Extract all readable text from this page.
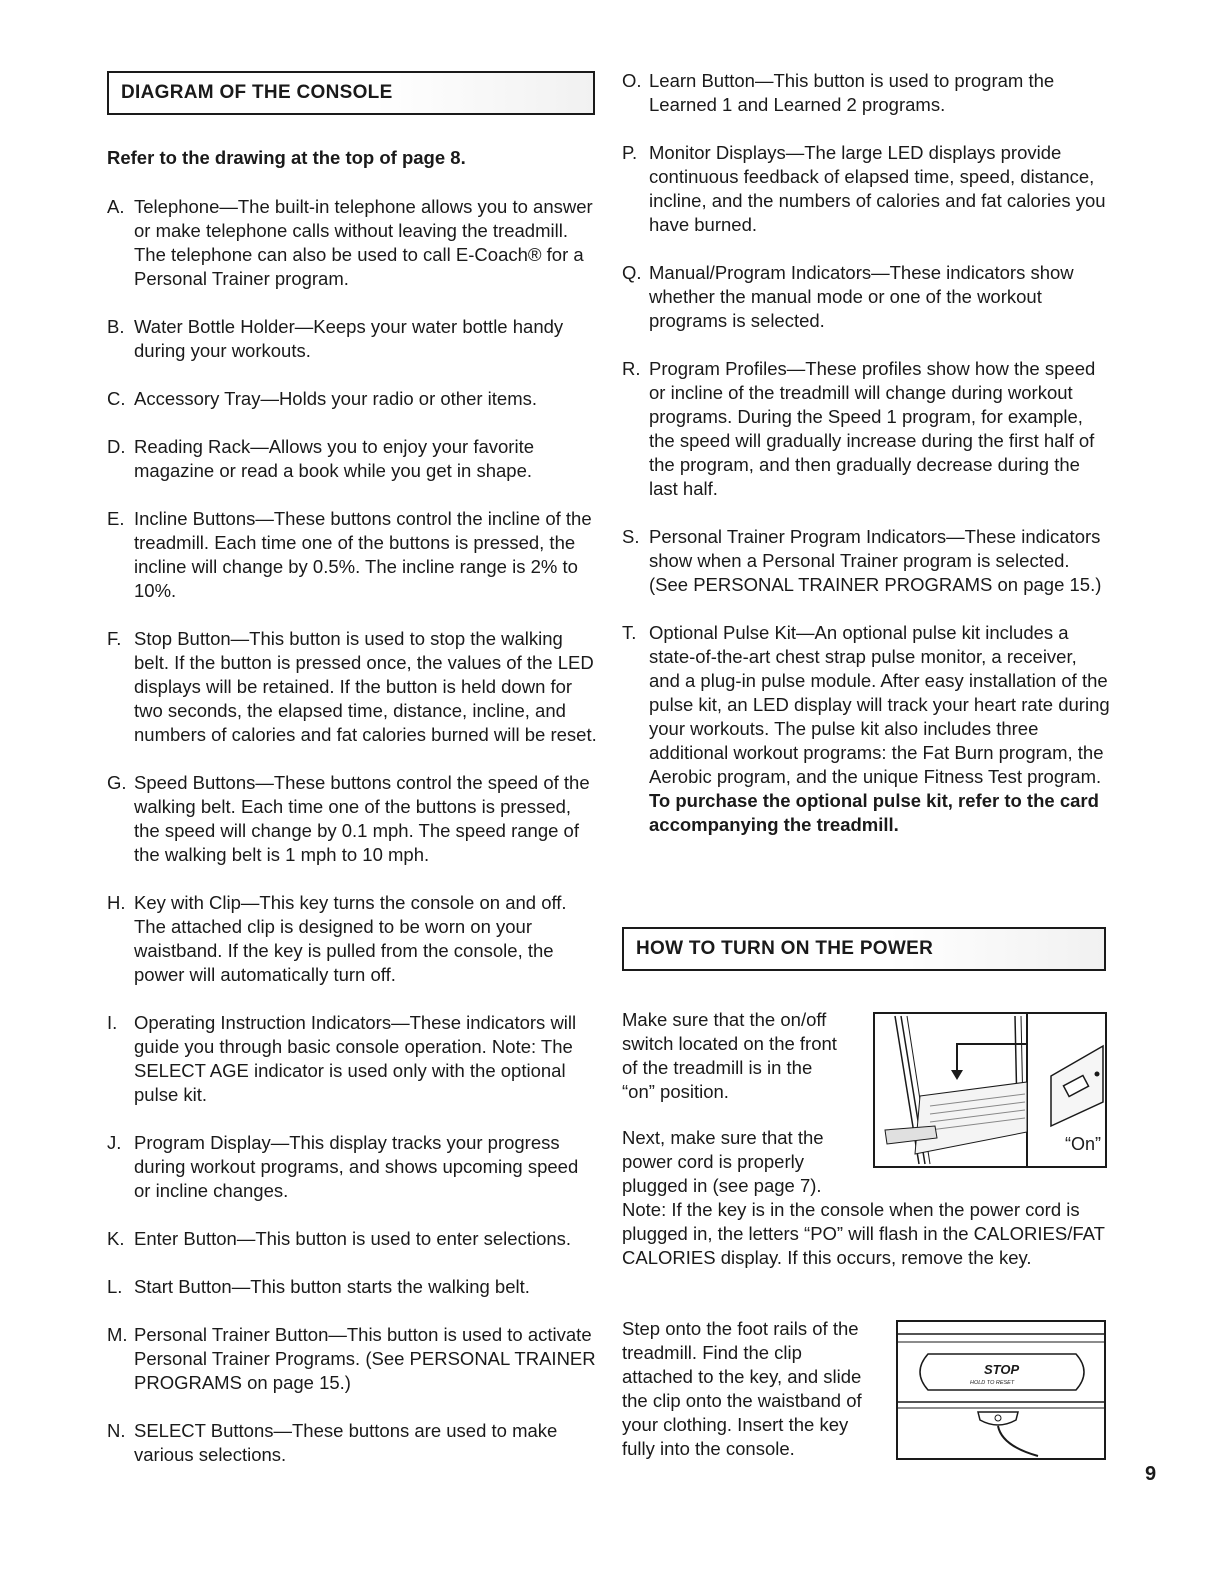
DIAGRAM OF THE CONSOLE

Refer to the drawing at the top of page 8.

A. Telephone—The built-in telephone allows you to answer or make telephone calls without leaving the treadmill. The telephone can also be used to call E-Coach® for a Personal Trainer program.
B. Water Bottle Holder—Keeps your water bottle handy during your workouts.
C. Accessory Tray—Holds your radio or other items.
D. Reading Rack—Allows you to enjoy your favorite magazine or read a book while you get in shape.
E. Incline Buttons—These buttons control the incline of the treadmill. Each time one of the buttons is pressed, the incline will change by 0.5%. The incline range is 2% to 10%.
F. Stop Button—This button is used to stop the walking belt. If the button is pressed once, the values of the LED displays will be retained. If the button is held down for two seconds, the elapsed time, distance, incline, and numbers of calories and fat calories burned will be reset.
G. Speed Buttons—These buttons control the speed of the walking belt. Each time one of the buttons is pressed, the speed will change by 0.1 mph. The speed range of the walking belt is 1 mph to 10 mph.
H. Key with Clip—This key turns the console on and off. The attached clip is designed to be worn on your waistband. If the key is pulled from the console, the power will automatically turn off.
I. Operating Instruction Indicators—These indicators will guide you through basic console operation. Note: The SELECT AGE indicator is used only with the optional pulse kit.
J. Program Display—This display tracks your progress during workout programs, and shows upcoming speed or incline changes.
K. Enter Button—This button is used to enter selections.
L. Start Button—This button starts the walking belt.
M. Personal Trainer Button—This button is used to activate Personal Trainer Programs. (See PERSONAL TRAINER PROGRAMS on page 15.)
N. SELECT Buttons—These buttons are used to make various selections.
O. Learn Button—This button is used to program the Learned 1 and Learned 2 programs.
P. Monitor Displays—The large LED displays provide continuous feedback of elapsed time, speed, distance, incline, and the numbers of calories and fat calories you have burned.
Q. Manual/Program Indicators—These indicators show whether the manual mode or one of the workout programs is selected.
R. Program Profiles—These profiles show how the speed or incline of the treadmill will change during workout programs. During the Speed 1 program, for example, the speed will gradually increase during the first half of the program, and then gradually decrease during the last half.
S. Personal Trainer Program Indicators—These indicators show when a Personal Trainer program is selected. (See PERSONAL TRAINER PROGRAMS on page 15.)
T. Optional Pulse Kit—An optional pulse kit includes a state-of-the-art chest strap pulse monitor, a receiver, and a plug-in pulse module. After easy installation of the pulse kit, an LED display will track your heart rate during your workouts. The pulse kit also includes three additional workout programs: the Fat Burn program, the Aerobic program, and the unique Fitness Test program. To purchase the optional pulse kit, refer to the card accompanying the treadmill.
HOW TO TURN ON THE POWER

Make sure that the on/off switch located on the front of the treadmill is in the “on” position.

Next, make sure that the power cord is properly plugged in (see page 7).

Note: If the key is in the console when the power cord is plugged in, the letters “PO” will flash in the CALORIES/FAT CALORIES display. If this occurs, remove the key.

Step onto the foot rails of the treadmill. Find the clip attached to the key, and slide the clip onto the waistband of your clothing. Insert the key fully into the console.

“On”
STOP
HOLD TO RESET
9
